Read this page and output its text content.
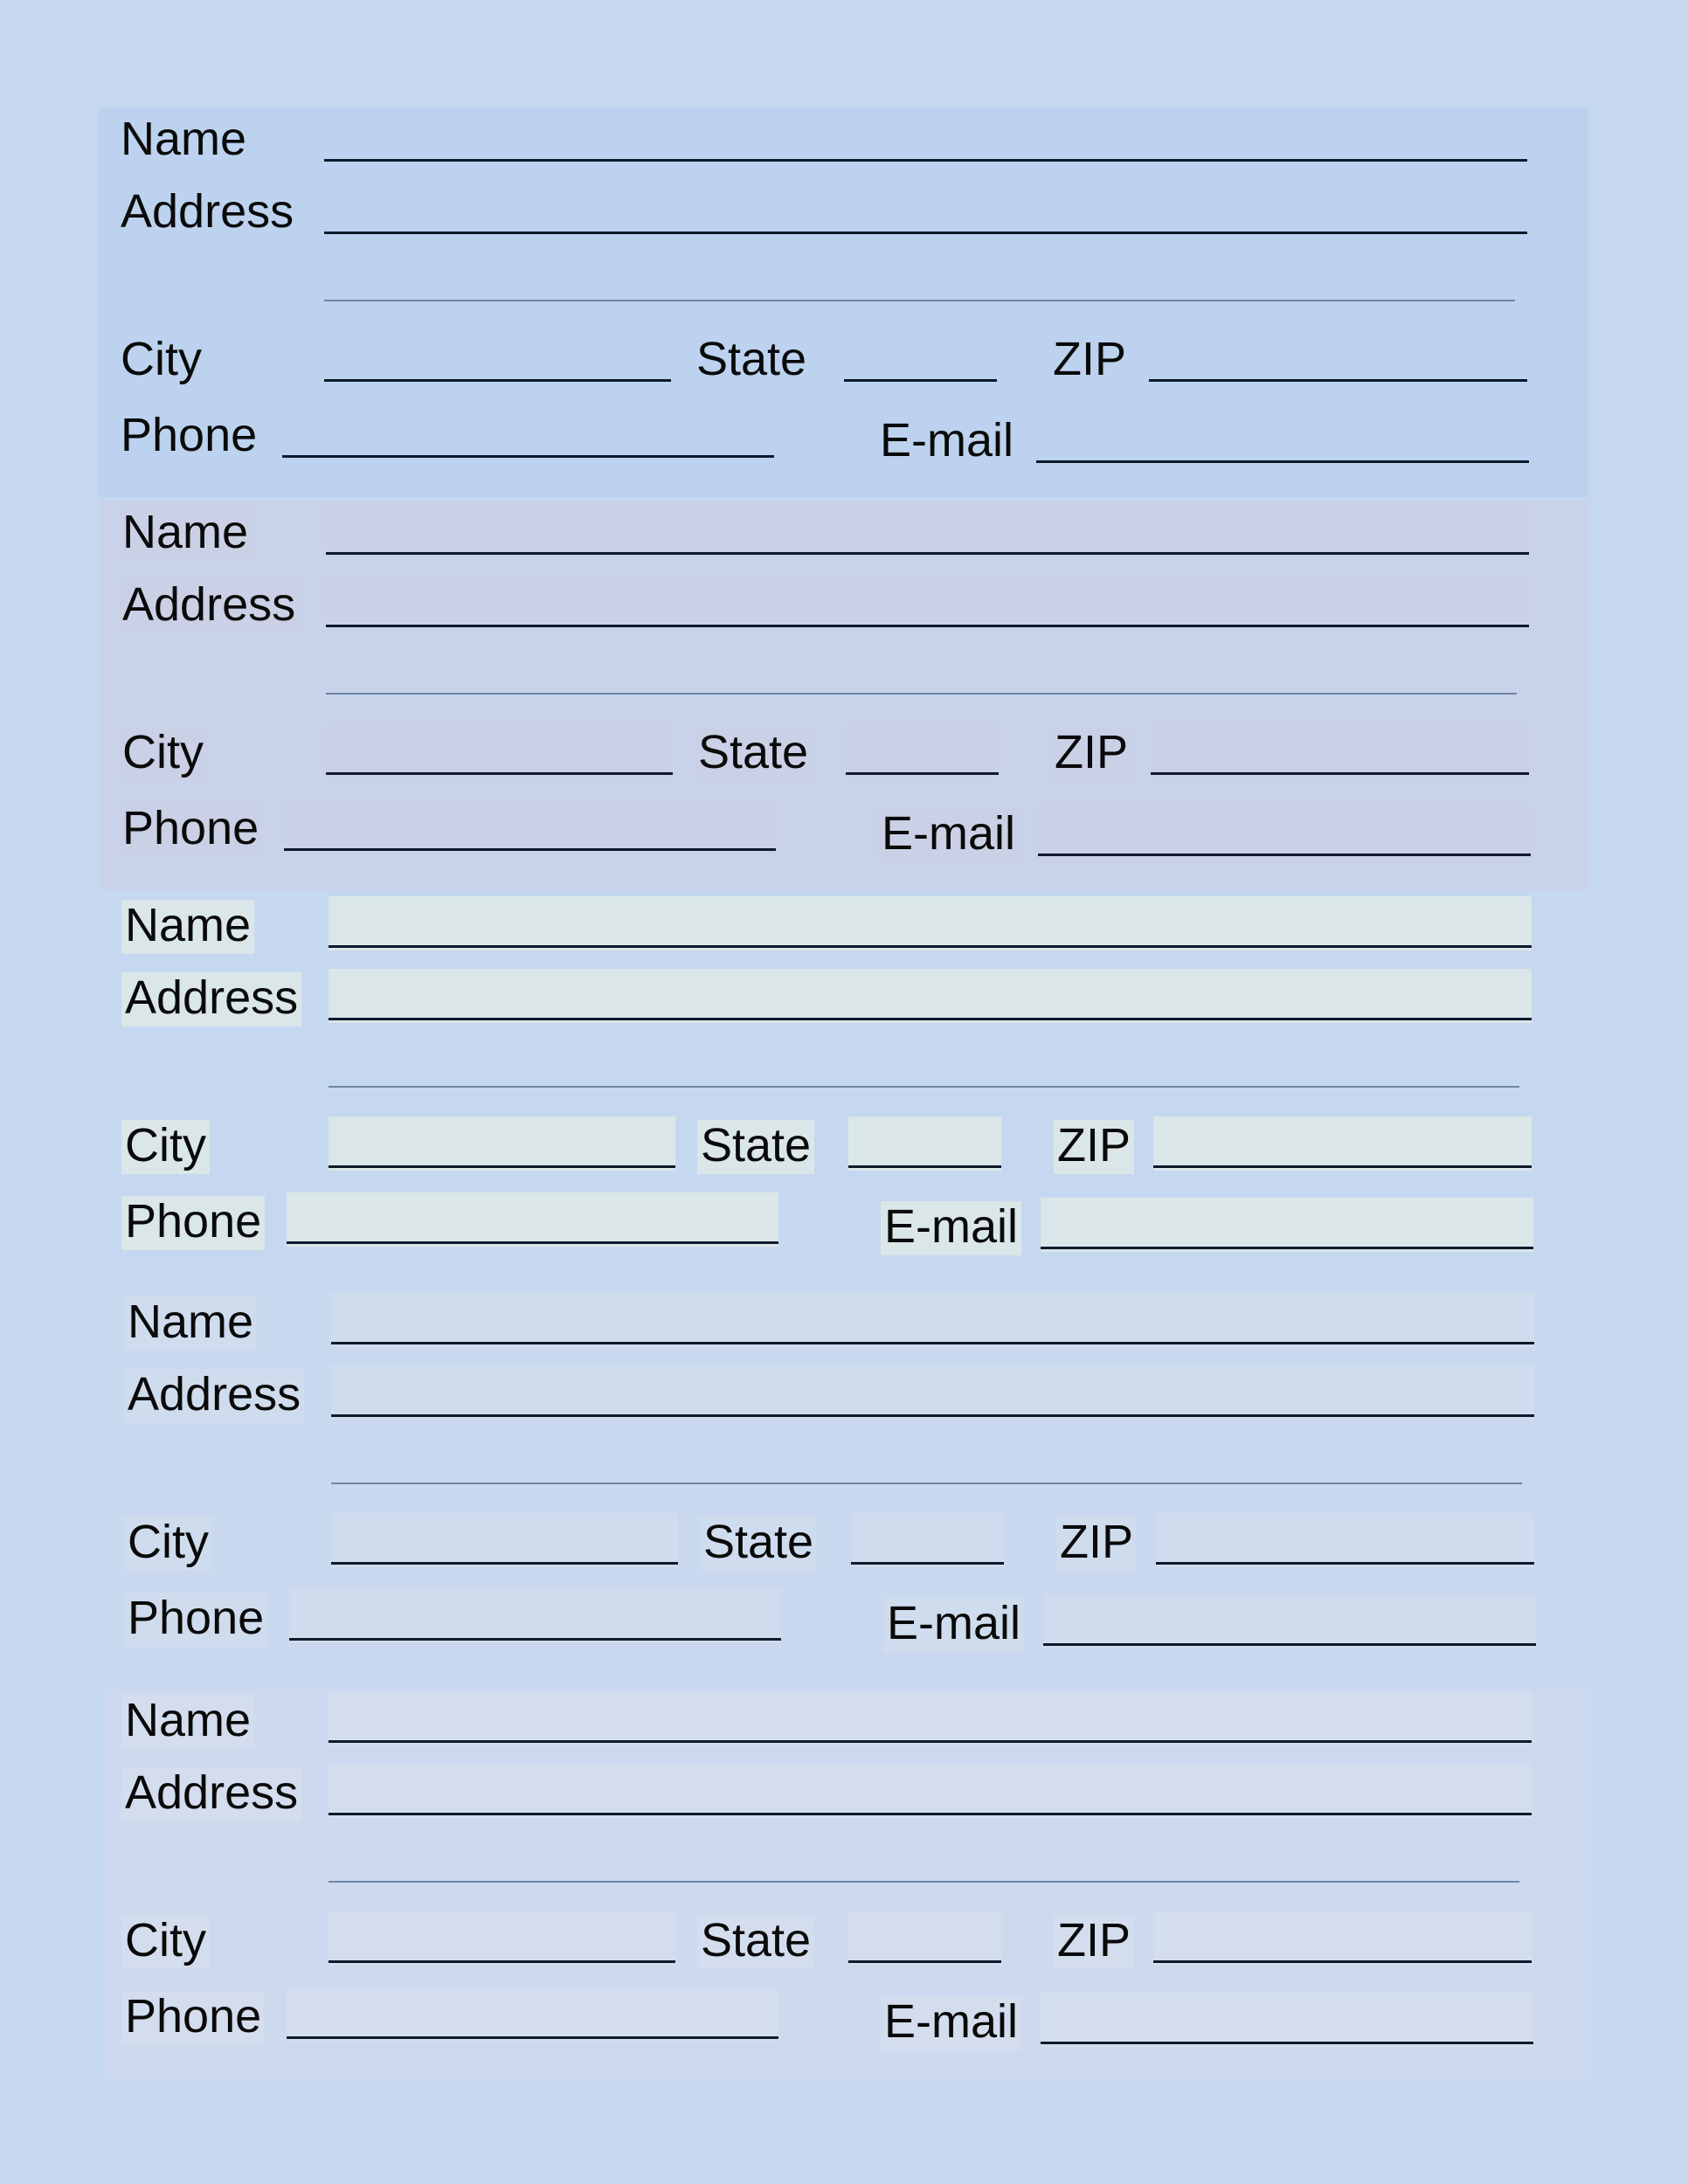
Name
Address
City	State	ZIP
Phone	E-mail
Name
Address
City	State	ZIP
Phone	E-mail
Name
Address
City	State	ZIP
Phone	E-mail
Name
Address
City	State	ZIP
Phone	E-mail
Name
Address
City	State	ZIP
Phone	E-mail
